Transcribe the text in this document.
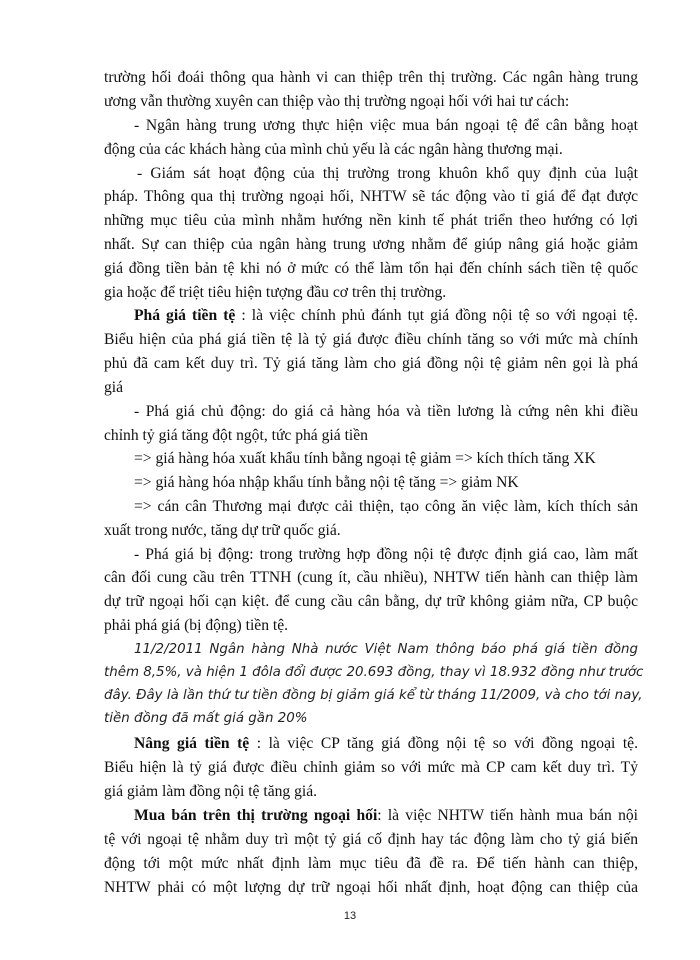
trường hối đoái thông qua hành vi can thiệp trên thị trường. Các ngân hàng trung
ương vẫn thường xuyên can thiệp vào thị trường ngoại hối với hai tư cách:
- Ngân hàng trung ương thực hiện việc mua bán ngoại tệ để cân bằng hoạt
động của các khách hàng của mình chủ yếu là các ngân hàng thương mại.
- Giám sát hoạt động của thị trường trong khuôn khổ quy định của luật
pháp. Thông qua thị trường ngoại hối, NHTW sẽ tác động vào tỉ giá để đạt được
những mục tiêu của mình nhằm hướng nền kinh tế phát triển theo hướng có lợi
nhất. Sự can thiệp của ngân hàng trung ương nhằm để giúp nâng giá hoặc giảm
giá đồng tiền bản tệ khi nó ở mức có thể làm tổn hại đến chính sách tiền tệ quốc
gia hoặc để triệt tiêu hiện tượng đầu cơ trên thị trường.
Phá giá tiền tệ : là việc chính phủ đánh tụt giá đồng nội tệ so với ngoại tệ.
Biểu hiện của phá giá tiền tệ là tỷ giá được điều chính tăng so với mức mà chính
phủ đã cam kết duy trì. Tỷ giá tăng làm cho giá đồng nội tệ giảm nên gọi là phá
giá
- Phá giá chủ động: do giá cả hàng hóa và tiền lương là cứng nên khi điều
chỉnh tỷ giá tăng đột ngột, tức phá giá tiền
=> giá hàng hóa xuất khẩu tính bằng ngoại tệ giảm => kích thích tăng XK
=> giá hàng hóa nhập khẩu tính bằng nội tệ tăng => giảm NK
=> cán cân Thương mại được cải thiện, tạo công ăn việc làm, kích thích sản
xuất trong nước, tăng dự trữ quốc giá.
- Phá giá bị động: trong trường hợp đồng nội tệ được định giá cao, làm mất
cân đối cung cầu trên TTNH (cung ít, cầu nhiều), NHTW tiến hành can thiệp làm
dự trữ ngoại hối cạn kiệt. để cung cầu cân bằng, dự trữ không giảm nữa, CP buộc
phải phá giá (bị động) tiền tệ.
11/2/2011 Ngân hàng Nhà nước Việt Nam thông báo phá giá tiền đồng
thêm 8,5%, và hiện 1 đôla đổi được 20.693 đồng, thay vì 18.932 đồng như trước
đây. Đây là lần thứ tư tiền đồng bị giảm giá kể từ tháng 11/2009, và cho tới nay,
tiền đồng đã mất giá gần 20%
Nâng giá tiền tệ : là việc CP tăng giá đồng nội tệ so với đồng ngoại tệ.
Biểu hiện là tỷ giá được điều chỉnh giảm so với mức mà CP cam kết duy trì. Tỷ
giá giảm làm đồng nội tệ tăng giá.
Mua bán trên thị trường ngoại hối: là việc NHTW tiến hành mua bán nội
tệ với ngoại tệ nhằm duy trì một tỷ giá cố định hay tác động làm cho tỷ giá biến
động tới một mức nhất định làm mục tiêu đã đề ra. Để tiến hành can thiệp,
NHTW phải có một lượng dự trữ ngoại hối nhất định, hoạt động can thiệp của
13
